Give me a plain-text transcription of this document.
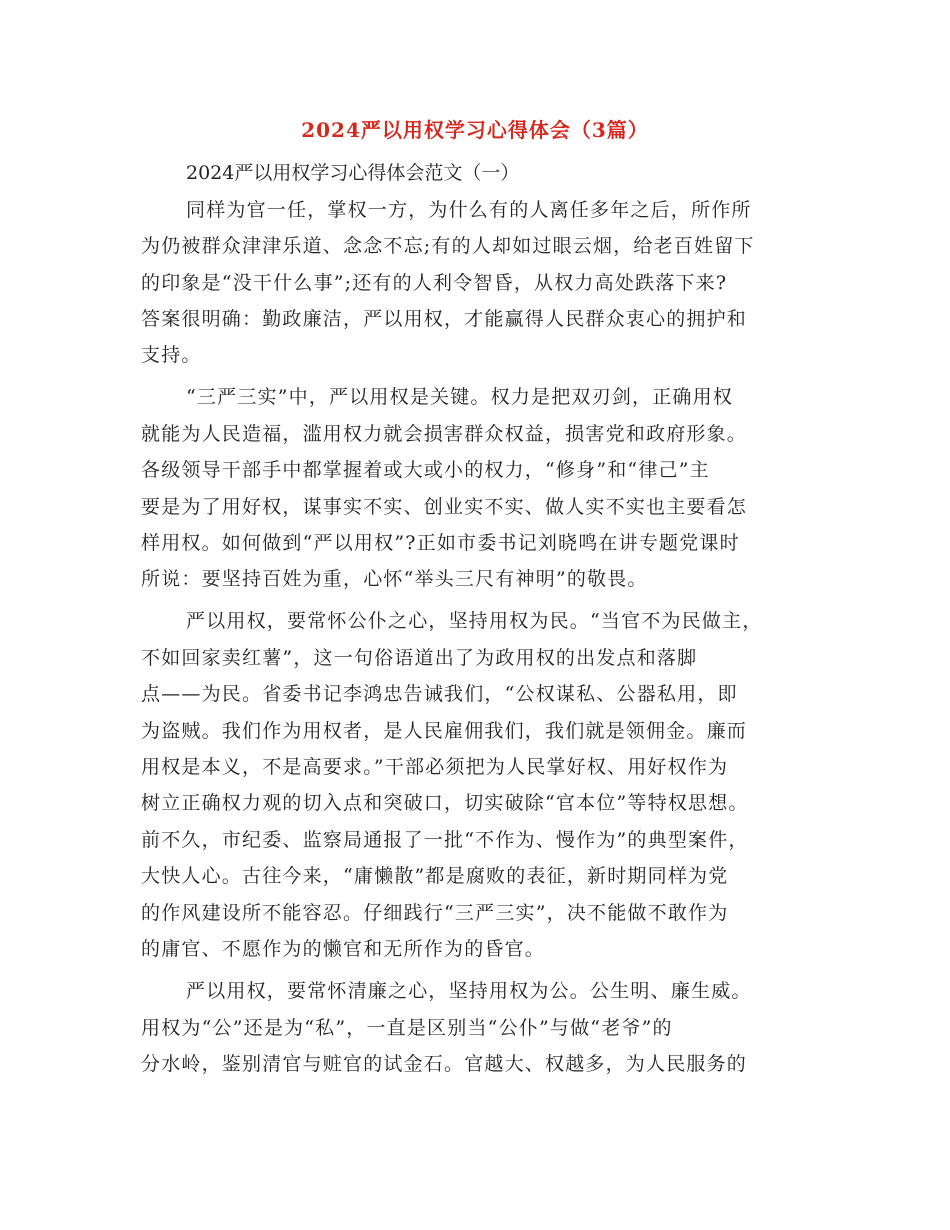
2024严以用权学习心得体会（3篇）
2024严以用权学习心得体会范文（一）
同样为官一任，掌权一方，为什么有的人离任多年之后，所作所
为仍被群众津津乐道、念念不忘;有的人却如过眼云烟，给老百姓留下
的印象是“没干什么事”;还有的人利令智昏，从权力高处跌落下来?
答案很明确：勤政廉洁，严以用权，才能赢得人民群众衷心的拥护和
支持。
“三严三实”中，严以用权是关键。权力是把双刃剑，正确用权
就能为人民造福，滥用权力就会损害群众权益，损害党和政府形象。
各级领导干部手中都掌握着或大或小的权力，“修身”和“律己”主
要是为了用好权，谋事实不实、创业实不实、做人实不实也主要看怎
样用权。如何做到“严以用权”?正如市委书记刘晓鸣在讲专题党课时
所说：要坚持百姓为重，心怀“举头三尺有神明”的敬畏。
严以用权，要常怀公仆之心，坚持用权为民。“当官不为民做主，
不如回家卖红薯”，这一句俗语道出了为政用权的出发点和落脚
点——为民。省委书记李鸿忠告诫我们，“公权谋私、公器私用，即
为盗贼。我们作为用权者，是人民雇佣我们，我们就是领佣金。廉而
用权是本义，不是高要求。”干部必须把为人民掌好权、用好权作为
树立正确权力观的切入点和突破口，切实破除“官本位”等特权思想。
前不久，市纪委、监察局通报了一批“不作为、慢作为”的典型案件，
大快人心。古往今来，“庸懒散”都是腐败的表征，新时期同样为党
的作风建设所不能容忍。仔细践行“三严三实”，决不能做不敢作为
的庸官、不愿作为的懒官和无所作为的昏官。
严以用权，要常怀清廉之心，坚持用权为公。公生明、廉生威。
用权为“公”还是为“私”，一直是区别当“公仆”与做“老爷”的
分水岭，鉴别清官与赃官的试金石。官越大、权越多，为人民服务的
